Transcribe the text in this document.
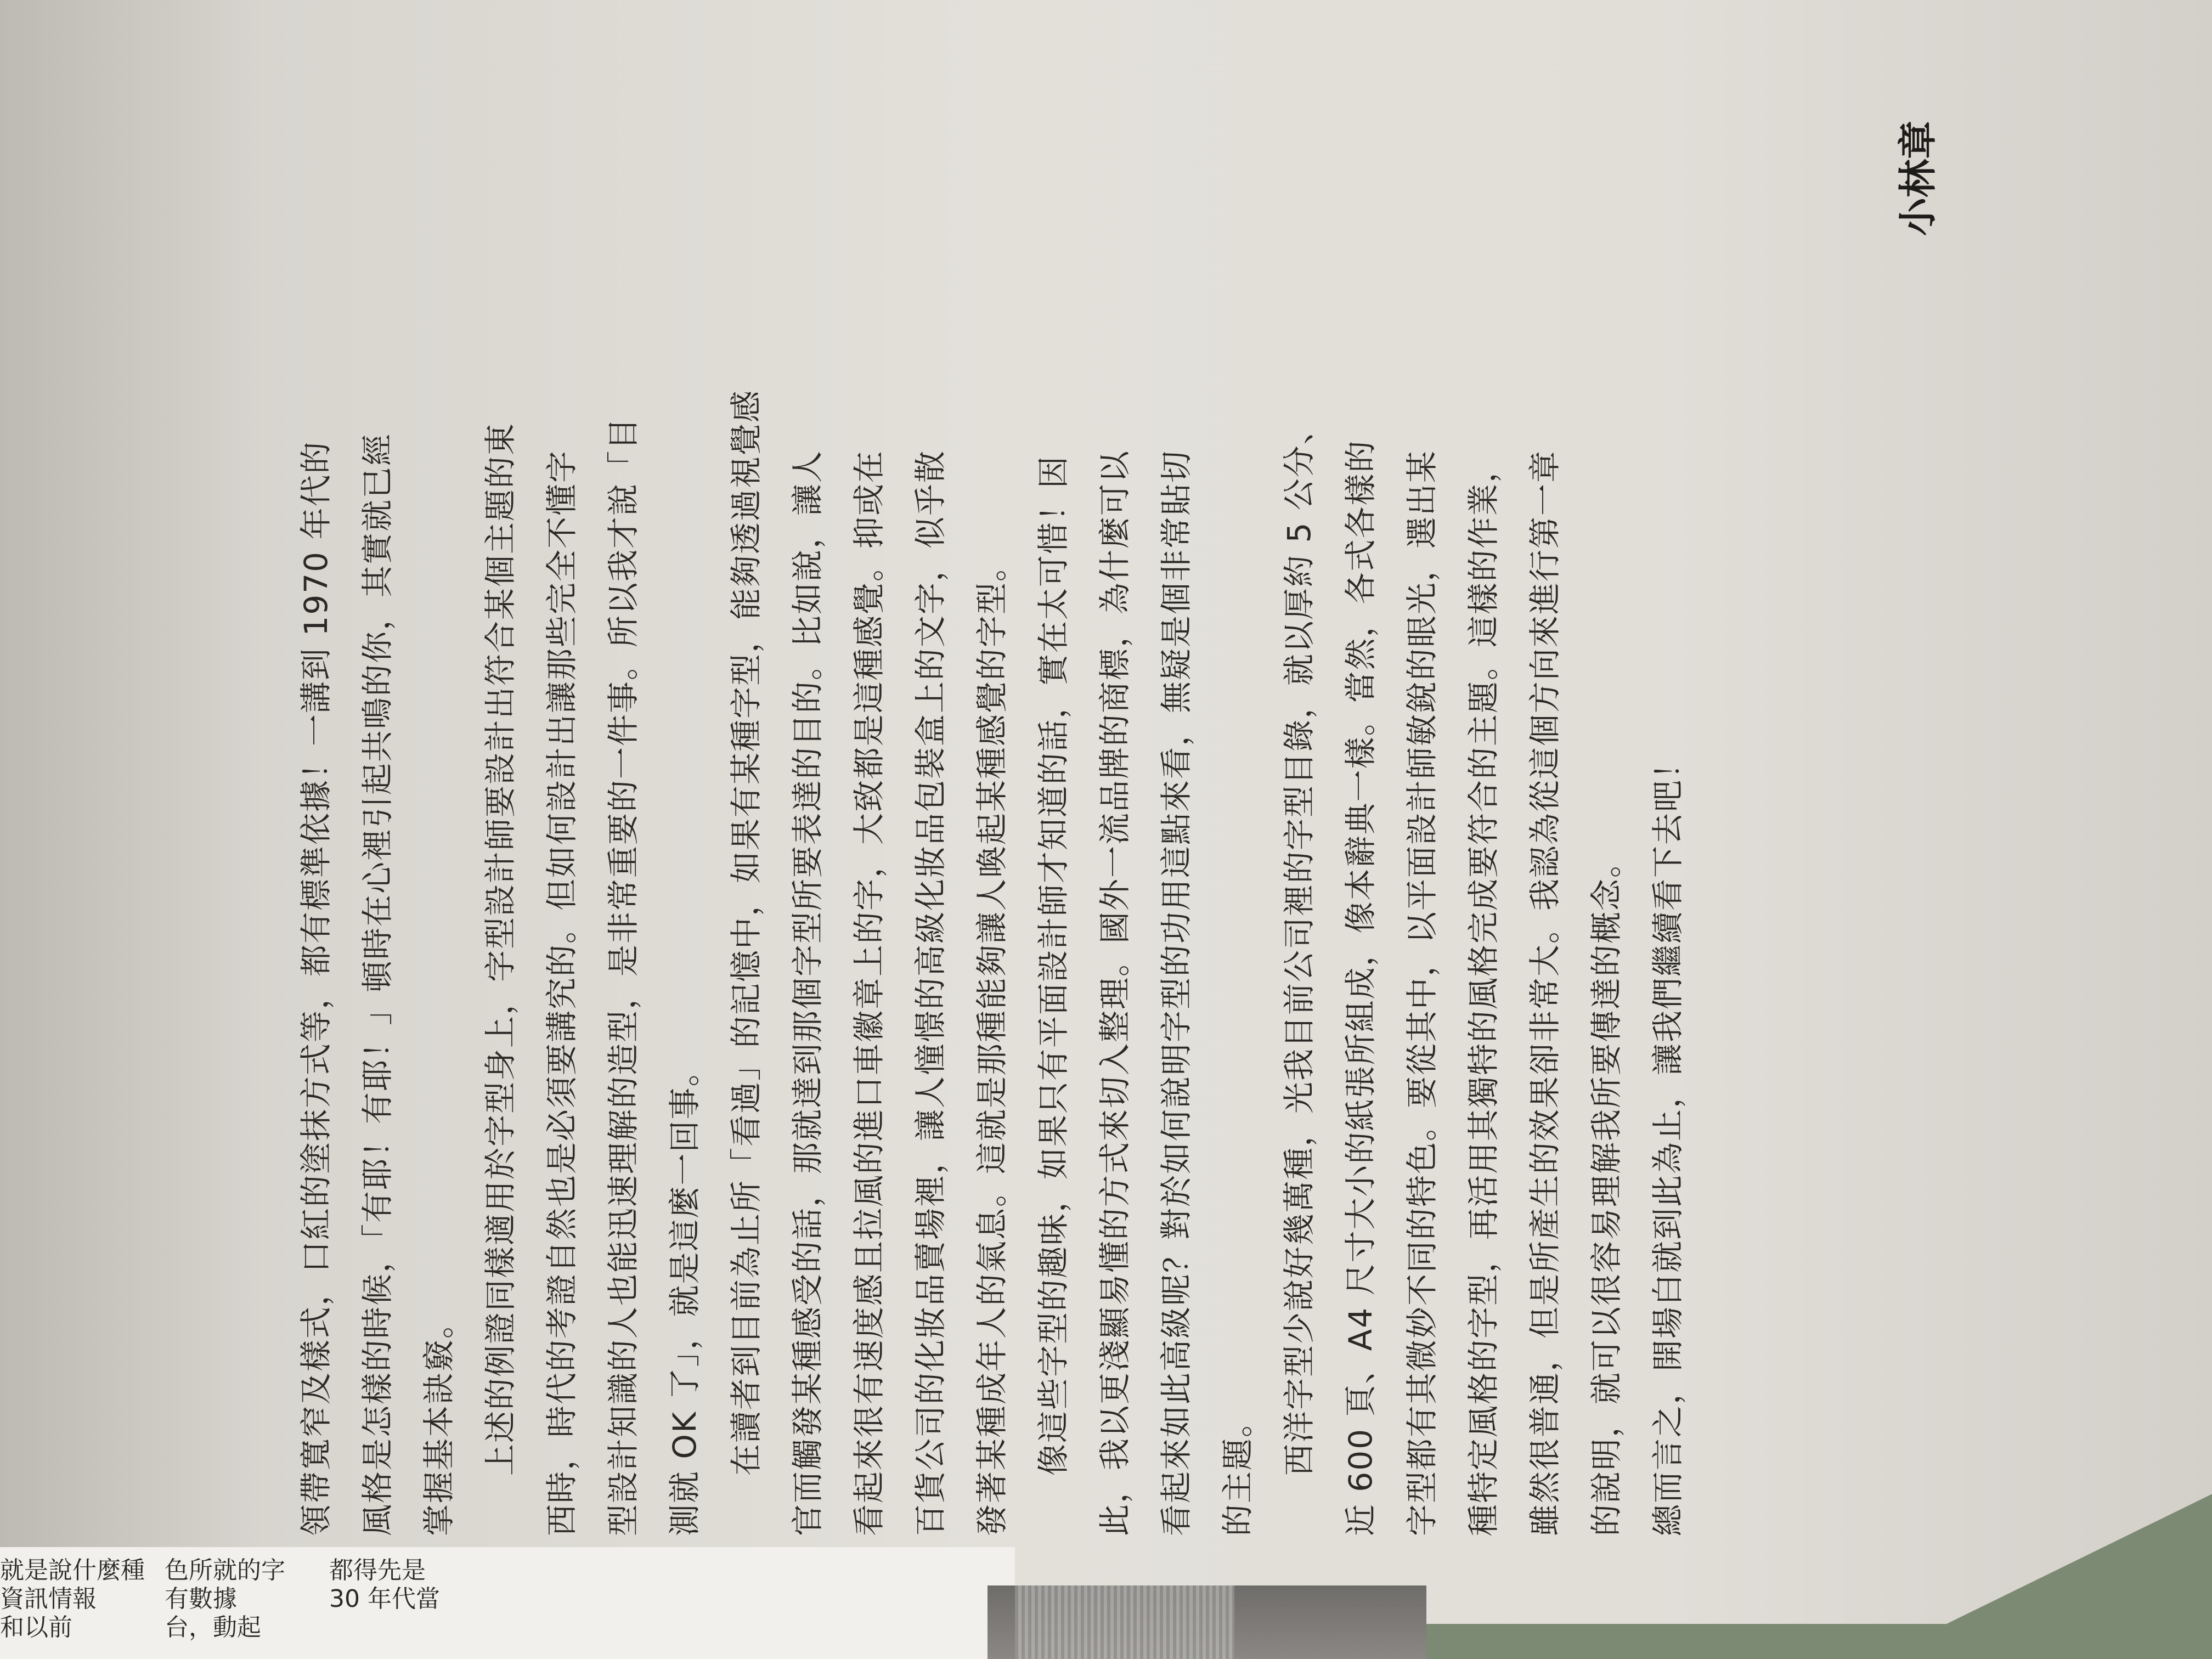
就是說什麼種
資訊情報
和以前
色所就的字
有數據
台，動起
都得先是
30 年代當
領帶寬窄及樣式，口紅的塗抹方式等，都有標準依據！一講到 1970 年代的 風格是怎樣的時候，「有耶！有耶！」頓時在心裡引起共鳴的你，其實就已經 掌握基本訣竅。 上述的例證同樣適用於字型身上，字型設計師要設計出符合某個主題的東 西時，時代的考證自然也是必須要講究的。但如何設計出讓那些完全不懂字 型設計知識的人也能迅速理解的造型，是非常重要的一件事。所以我才說「目 測就 OK 了」，就是這麼一回事。 在讀者到目前為止所「看過」的記憶中，如果有某種字型，能夠透過視覺感 官而觸發某種感受的話，那就達到那個字型所要表達的目的。比如說，讓人 看起來很有速度感且拉風的進口車徽章上的字，大致都是這種感覺。抑或在 百貨公司的化妝品賣場裡，讓人憧憬的高級化妝品包裝盒上的文字，似乎散 發著某種成年人的氣息。這就是那種能夠讓人喚起某種感覺的字型。 像這些字型的趣味，如果只有平面設計師才知道的話，實在太可惜！因 此，我以更淺顯易懂的方式來切入整理。國外一流品牌的商標，為什麼可以 看起來如此高級呢？對於如何說明字型的功用這點來看，無疑是個非常貼切 的主題。 西洋字型少說好幾萬種，光我目前公司裡的字型目錄，就以厚約 5 公分、 近 600 頁、A4 尺寸大小的紙張所組成，像本辭典一樣。當然，各式各樣的 字型都有其微妙不同的特色。要從其中，以平面設計師敏銳的眼光，選出某 種特定風格的字型，再活用其獨特的風格完成要符合的主題。這樣的作業， 雖然很普通，但是所產生的效果卻非常大。我認為從這個方向來進行第一章 的說明，就可以很容易理解我所要傳達的概念。 總而言之，開場白就到此為止，讓我們繼續看下去吧！
小林章
